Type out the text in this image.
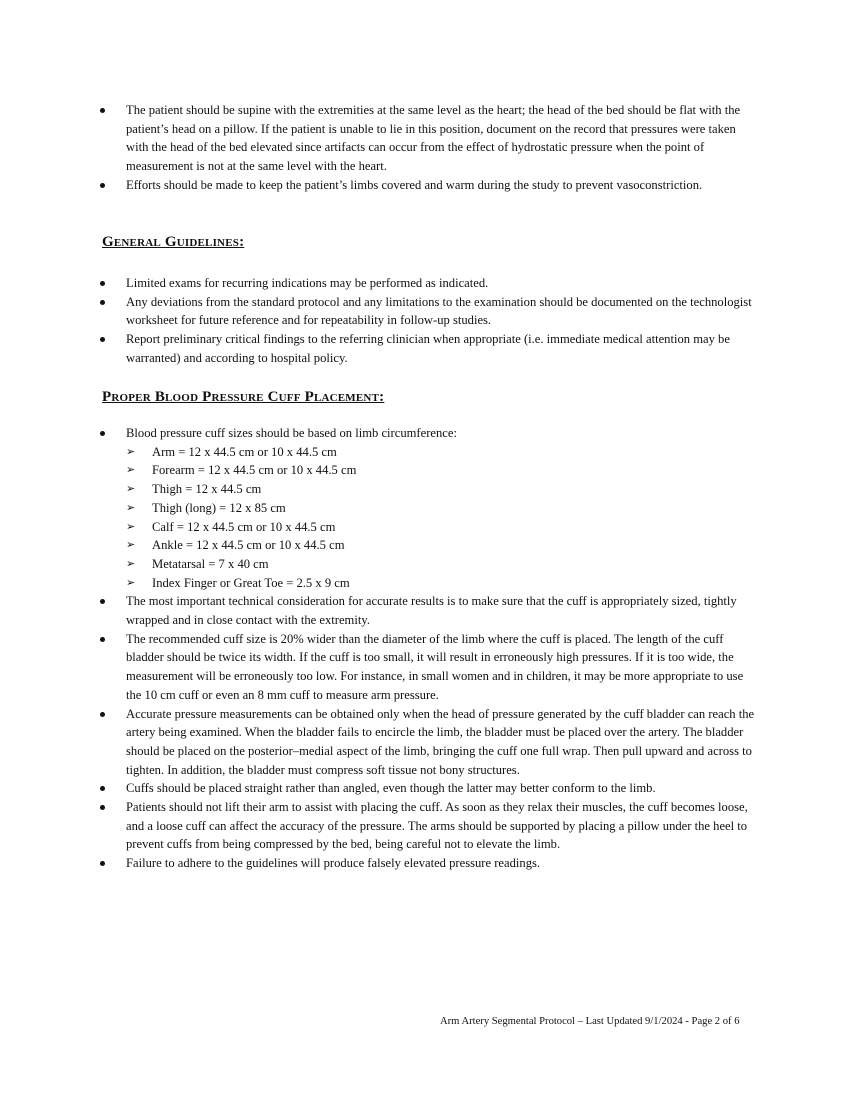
The patient should be supine with the extremities at the same level as the heart; the head of the bed should be flat with the patient’s head on a pillow. If the patient is unable to lie in this position, document on the record that pressures were taken with the head of the bed elevated since artifacts can occur from the effect of hydrostatic pressure when the point of measurement is not at the same level with the heart.
Efforts should be made to keep the patient’s limbs covered and warm during the study to prevent vasoconstriction.
General Guidelines:
Limited exams for recurring indications may be performed as indicated.
Any deviations from the standard protocol and any limitations to the examination should be documented on the technologist worksheet for future reference and for repeatability in follow-up studies.
Report preliminary critical findings to the referring clinician when appropriate (i.e. immediate medical attention may be warranted) and according to hospital policy.
Proper Blood Pressure Cuff Placement:
Blood pressure cuff sizes should be based on limb circumference:
➢ Arm = 12 x 44.5 cm or 10 x 44.5 cm
➢ Forearm = 12 x 44.5 cm or 10 x 44.5 cm
➢ Thigh = 12 x 44.5 cm
➢ Thigh (long) = 12 x 85 cm
➢ Calf = 12 x 44.5 cm or 10 x 44.5 cm
➢ Ankle = 12 x 44.5 cm or 10 x 44.5 cm
➢ Metatarsal = 7 x 40 cm
➢ Index Finger or Great Toe = 2.5 x 9 cm
The most important technical consideration for accurate results is to make sure that the cuff is appropriately sized, tightly wrapped and in close contact with the extremity.
The recommended cuff size is 20% wider than the diameter of the limb where the cuff is placed. The length of the cuff bladder should be twice its width. If the cuff is too small, it will result in erroneously high pressures. If it is too wide, the measurement will be erroneously too low. For instance, in small women and in children, it may be more appropriate to use the 10 cm cuff or even an 8 mm cuff to measure arm pressure.
Accurate pressure measurements can be obtained only when the head of pressure generated by the cuff bladder can reach the artery being examined. When the bladder fails to encircle the limb, the bladder must be placed over the artery. The bladder should be placed on the posterior–medial aspect of the limb, bringing the cuff one full wrap. Then pull upward and across to tighten. In addition, the bladder must compress soft tissue not bony structures.
Cuffs should be placed straight rather than angled, even though the latter may better conform to the limb.
Patients should not lift their arm to assist with placing the cuff. As soon as they relax their muscles, the cuff becomes loose, and a loose cuff can affect the accuracy of the pressure. The arms should be supported by placing a pillow under the heel to prevent cuffs from being compressed by the bed, being careful not to elevate the limb.
Failure to adhere to the guidelines will produce falsely elevated pressure readings.
Arm Artery Segmental Protocol – Last Updated 9/1/2024 - Page 2 of 6
